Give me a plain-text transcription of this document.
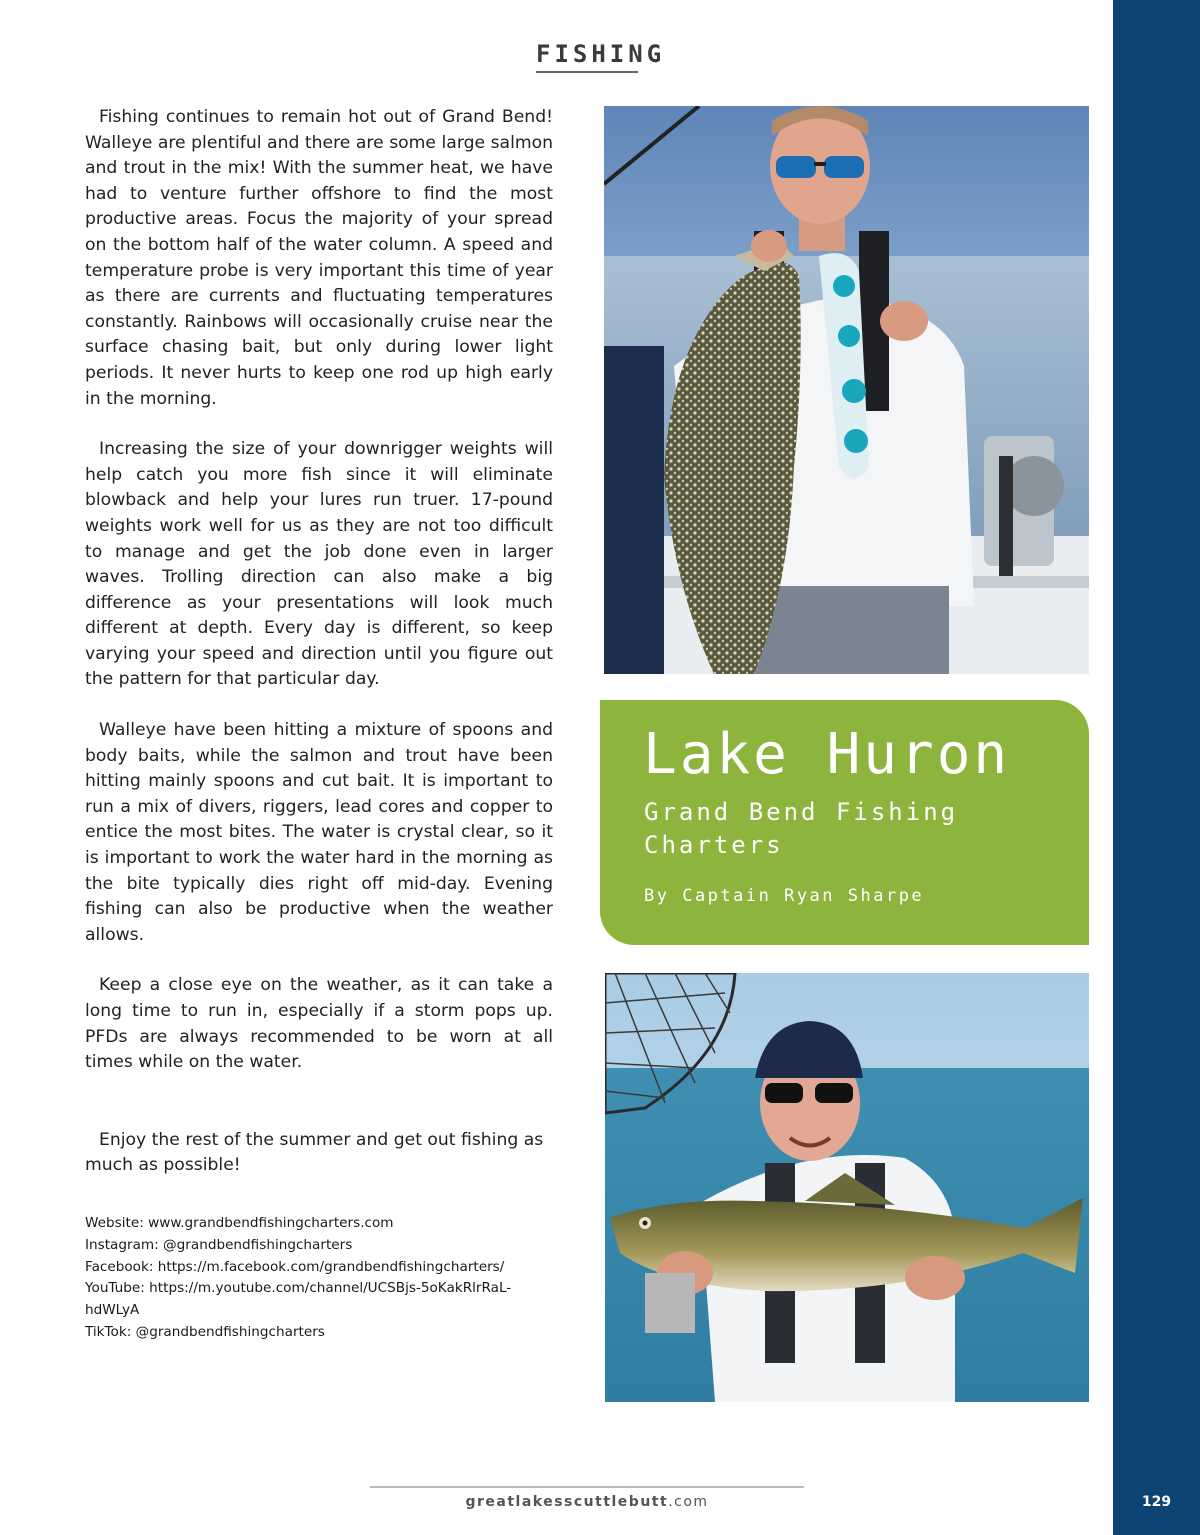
129
FISHING

Fishing continues to remain hot out of Grand Bend! Walleye are plentiful and there are some large salmon and trout in the mix! With the summer heat, we have had to venture further offshore to find the most productive areas. Focus the majority of your spread on the bottom half of the water column. A speed and temperature probe is very important this time of year as there are currents and fluctuating temperatures constantly. Rainbows will occasionally cruise near the surface chasing bait, but only during lower light periods. It never hurts to keep one rod up high early in the morning.

Increasing the size of your downrigger weights will help catch you more fish since it will eliminate blowback and help your lures run truer. 17-pound weights work well for us as they are not too difficult to manage and get the job done even in larger waves. Trolling direction can also make a big difference as your presentations will look much different at depth. Every day is different, so keep varying your speed and direction until you figure out the pattern for that particular day.

Walleye have been hitting a mixture of spoons and body baits, while the salmon and trout have been hitting mainly spoons and cut bait. It is important to run a mix of divers, riggers, lead cores and copper to entice the most bites. The water is crystal clear, so it is important to work the water hard in the morning as the bite typically dies right off mid-day. Evening fishing can also be productive when the weather allows.

Keep a close eye on the weather, as it can take a long time to run in, especially if a storm pops up. PFDs are always recommended to be worn at all times while on the water.

Enjoy the rest of the summer and get out fishing as much as possible!

Website: www.grandbendfishingcharters.com
Instagram: @grandbendfishingcharters
Facebook: https://m.facebook.com/grandbendfishingcharters/
YouTube: https://m.youtube.com/channel/UCSBjs-5oKakRlrRaL-hdWLyA
TikTok: @grandbendfishingcharters
Lake Huron
Grand Bend Fishing Charters
By Captain Ryan Sharpe
greatlakesscuttlebutt.com
